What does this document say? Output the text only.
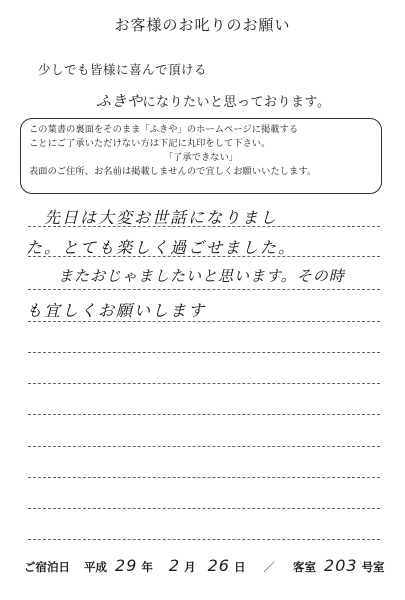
お客様のお叱りのお願い
少しでも皆様に喜んで頂ける
ふきやになりたいと思っております。
この葉書の裏面をそのまま「ふきや」のホームページに掲載する
ことにご了承いただけない方は下記に丸印をして下さい。
「了承できない」
表面のご住所、お名前は掲載しませんので宜しくお願いいたします。
先日は大変お世話になりまし
た。とても楽しく過ごせました。
またおじゃましたいと思います。その時
も宜しくお願いします
ご宿泊日 平成 29 年 2 月 26 日 ／ 客室 203 号室
